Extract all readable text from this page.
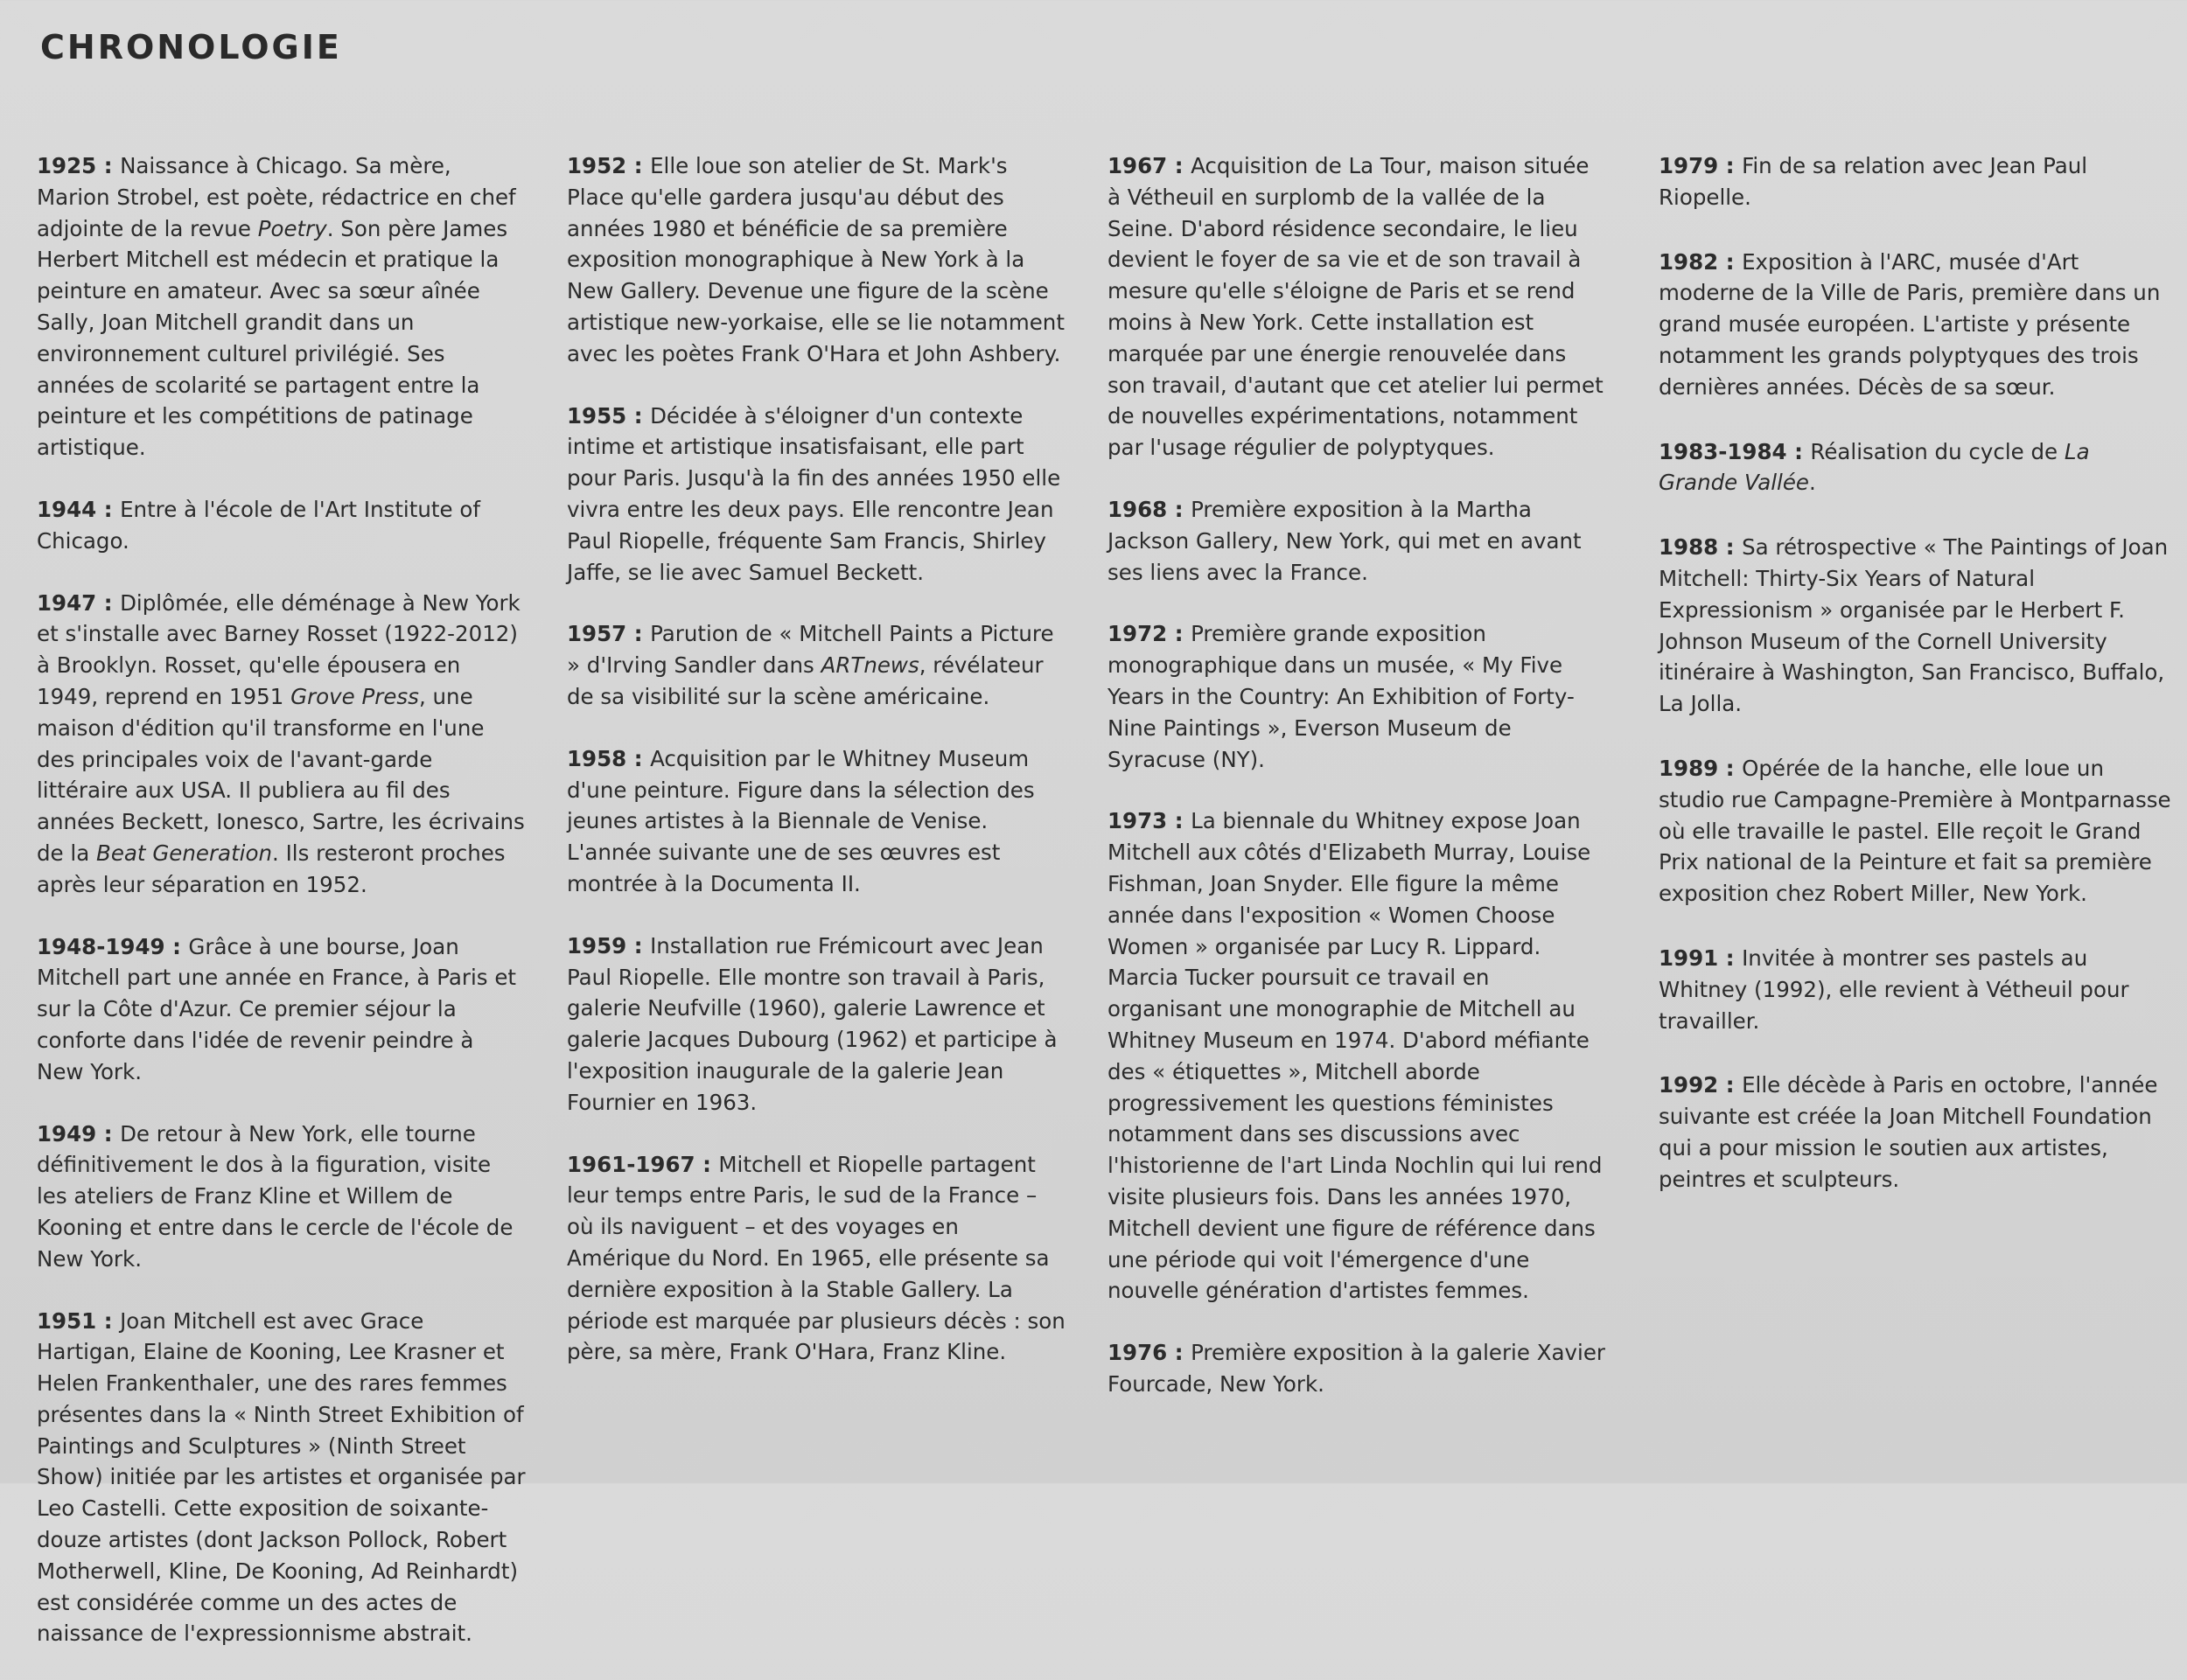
CHRONOLOGIE

1925 : Naissance à Chicago. Sa mère, Marion Strobel, est poète, rédactrice en chef adjointe de la revue Poetry. Son père James Herbert Mitchell est médecin et pratique la peinture en amateur. Avec sa sœur aînée Sally, Joan Mitchell grandit dans un environnement culturel privilégié. Ses années de scolarité se partagent entre la peinture et les compétitions de patinage artistique.

1944 : Entre à l'école de l'Art Institute of Chicago.

1947 : Diplômée, elle déménage à New York et s'installe avec Barney Rosset (1922-2012) à Brooklyn. Rosset, qu'elle épousera en 1949, reprend en 1951 Grove Press, une maison d'édition qu'il transforme en l'une des principales voix de l'avant-garde littéraire aux USA. Il publiera au fil des années Beckett, Ionesco, Sartre, les écrivains de la Beat Generation. Ils resteront proches après leur séparation en 1952.

1948-1949 : Grâce à une bourse, Joan Mitchell part une année en France, à Paris et sur la Côte d'Azur. Ce premier séjour la conforte dans l'idée de revenir peindre à New York.

1949 : De retour à New York, elle tourne définitivement le dos à la figuration, visite les ateliers de Franz Kline et Willem de Kooning et entre dans le cercle de l'école de New York.

1951 : Joan Mitchell est avec Grace Hartigan, Elaine de Kooning, Lee Krasner et Helen Frankenthaler, une des rares femmes présentes dans la « Ninth Street Exhibition of Paintings and Sculptures » (Ninth Street Show) initiée par les artistes et organisée par Leo Castelli. Cette exposition de soixante-douze artistes (dont Jackson Pollock, Robert Motherwell, Kline, De Kooning, Ad Reinhardt) est considérée comme un des actes de naissance de l'expressionnisme abstrait.

1952 : Elle loue son atelier de St. Mark's Place qu'elle gardera jusqu'au début des années 1980 et bénéficie de sa première exposition monographique à New York à la New Gallery. Devenue une figure de la scène artistique new-yorkaise, elle se lie notamment avec les poètes Frank O'Hara et John Ashbery.

1955 : Décidée à s'éloigner d'un contexte intime et artistique insatisfaisant, elle part pour Paris. Jusqu'à la fin des années 1950 elle vivra entre les deux pays. Elle rencontre Jean Paul Riopelle, fréquente Sam Francis, Shirley Jaffe, se lie avec Samuel Beckett.

1957 : Parution de « Mitchell Paints a Picture » d'Irving Sandler dans ARTnews, révélateur de sa visibilité sur la scène américaine.

1958 : Acquisition par le Whitney Museum d'une peinture. Figure dans la sélection des jeunes artistes à la Biennale de Venise. L'année suivante une de ses œuvres est montrée à la Documenta II.

1959 : Installation rue Frémicourt avec Jean Paul Riopelle. Elle montre son travail à Paris, galerie Neufville (1960), galerie Lawrence et galerie Jacques Dubourg (1962) et participe à l'exposition inaugurale de la galerie Jean Fournier en 1963.

1961-1967 : Mitchell et Riopelle partagent leur temps entre Paris, le sud de la France – où ils naviguent – et des voyages en Amérique du Nord. En 1965, elle présente sa dernière exposition à la Stable Gallery. La période est marquée par plusieurs décès : son père, sa mère, Frank O'Hara, Franz Kline.

1967 : Acquisition de La Tour, maison située à Vétheuil en surplomb de la vallée de la Seine. D'abord résidence secondaire, le lieu devient le foyer de sa vie et de son travail à mesure qu'elle s'éloigne de Paris et se rend moins à New York. Cette installation est marquée par une énergie renouvelée dans son travail, d'autant que cet atelier lui permet de nouvelles expérimentations, notamment par l'usage régulier de polyptyques.

1968 : Première exposition à la Martha Jackson Gallery, New York, qui met en avant ses liens avec la France.

1972 : Première grande exposition monographique dans un musée, « My Five Years in the Country: An Exhibition of Forty-Nine Paintings », Everson Museum de Syracuse (NY).

1973 : La biennale du Whitney expose Joan Mitchell aux côtés d'Elizabeth Murray, Louise Fishman, Joan Snyder. Elle figure la même année dans l'exposition « Women Choose Women » organisée par Lucy R. Lippard. Marcia Tucker poursuit ce travail en organisant une monographie de Mitchell au Whitney Museum en 1974. D'abord méfiante des « étiquettes », Mitchell aborde progressivement les questions féministes notamment dans ses discussions avec l'historienne de l'art Linda Nochlin qui lui rend visite plusieurs fois. Dans les années 1970, Mitchell devient une figure de référence dans une période qui voit l'émergence d'une nouvelle génération d'artistes femmes.

1976 : Première exposition à la galerie Xavier Fourcade, New York.

1979 : Fin de sa relation avec Jean Paul Riopelle.

1982 : Exposition à l'ARC, musée d'Art moderne de la Ville de Paris, première dans un grand musée européen. L'artiste y présente notamment les grands polyptyques des trois dernières années. Décès de sa sœur.

1983-1984 : Réalisation du cycle de La Grande Vallée.

1988 : Sa rétrospective « The Paintings of Joan Mitchell: Thirty-Six Years of Natural Expressionism » organisée par le Herbert F. Johnson Museum of the Cornell University itinéraire à Washington, San Francisco, Buffalo, La Jolla.

1989 : Opérée de la hanche, elle loue un studio rue Campagne-Première à Montparnasse où elle travaille le pastel. Elle reçoit le Grand Prix national de la Peinture et fait sa première exposition chez Robert Miller, New York.

1991 : Invitée à montrer ses pastels au Whitney (1992), elle revient à Vétheuil pour travailler.

1992 : Elle décède à Paris en octobre, l'année suivante est créée la Joan Mitchell Foundation qui a pour mission le soutien aux artistes, peintres et sculpteurs.
